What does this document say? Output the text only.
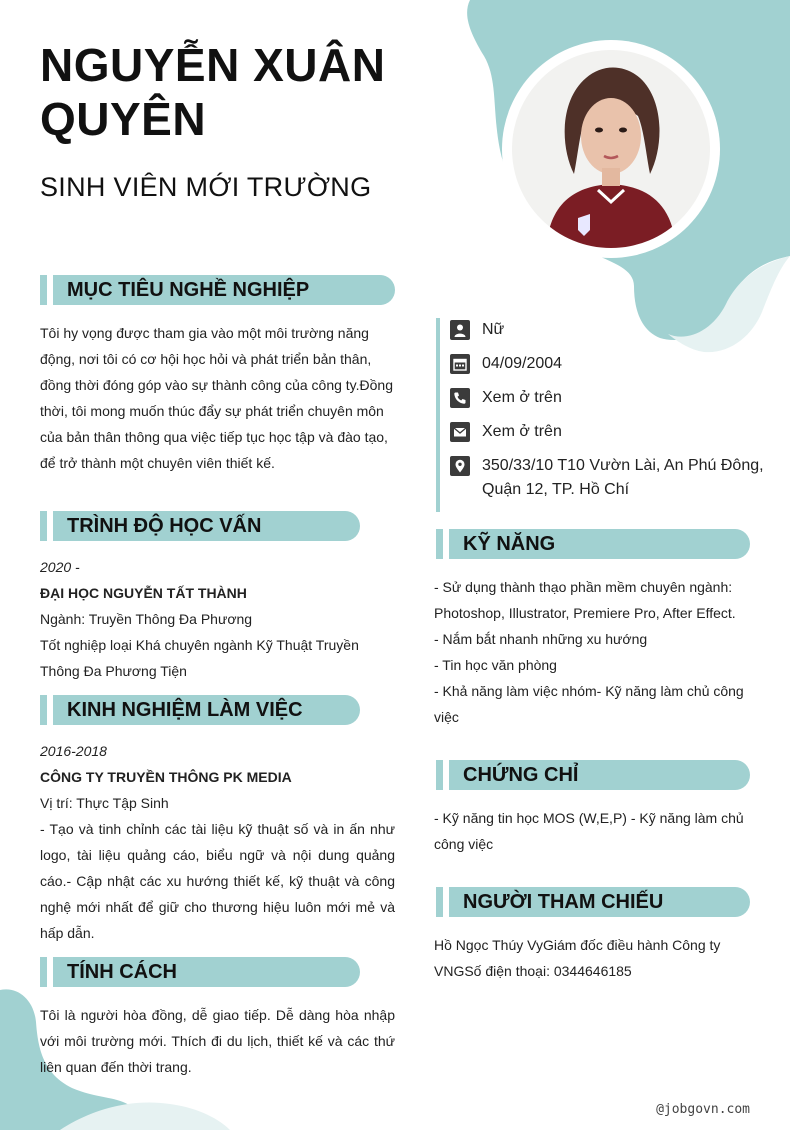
NGUYỄN XUÂN QUYÊN
SINH VIÊN MỚI TRƯỜNG
MỤC TIÊU NGHỀ NGHIỆP
Tôi hy vọng được tham gia vào một môi trường năng động, nơi tôi có cơ hội học hỏi và phát triển bản thân, đồng thời đóng góp vào sự thành công của công ty.Đồng thời, tôi mong muốn thúc đẩy sự phát triển chuyên môn của bản thân thông qua việc tiếp tục học tập và đào tạo, để trở thành một chuyên viên thiết kế.
TRÌNH ĐỘ HỌC VẤN
2020 -
ĐẠI HỌC NGUYỄN TẤT THÀNH
Ngành: Truyền Thông Đa Phương
Tốt nghiệp loại Khá chuyên ngành Kỹ Thuật Truyền Thông Đa Phương Tiện
KINH NGHIỆM LÀM VIỆC
2016-2018
CÔNG TY TRUYỀN THÔNG PK MEDIA
Vị trí: Thực Tập Sinh
- Tạo và tinh chỉnh các tài liệu kỹ thuật số và in ấn như logo, tài liệu quảng cáo, biểu ngữ và nội dung quảng cáo.- Cập nhật các xu hướng thiết kế, kỹ thuật và công nghệ mới nhất để giữ cho thương hiệu luôn mới mẻ và hấp dẫn.
TÍNH CÁCH
Tôi là người hòa đồng, dễ giao tiếp. Dễ dàng hòa nhập với môi trường mới. Thích đi du lịch, thiết kế và các thứ liên quan đến thời trang.
Nữ
04/09/2004
Xem ở trên
Xem ở trên
350/33/10 T10 Vườn Lài, An Phú Đông, Quận 12, TP. Hồ Chí
KỸ NĂNG
- Sử dụng thành thạo phần mềm chuyên ngành: Photoshop, Illustrator, Premiere Pro, After Effect.
- Nắm bắt nhanh những xu hướng
- Tin học văn phòng
- Khả năng làm việc nhóm- Kỹ năng làm chủ công việc
CHỨNG CHỈ
- Kỹ năng tin học MOS (W,E,P) - Kỹ năng làm chủ công việc
NGƯỜI THAM CHIẾU
Hồ Ngọc Thúy VyGiám đốc điều hành Công ty VNGSố điện thoại: 0344646185
@jobgovn.com
